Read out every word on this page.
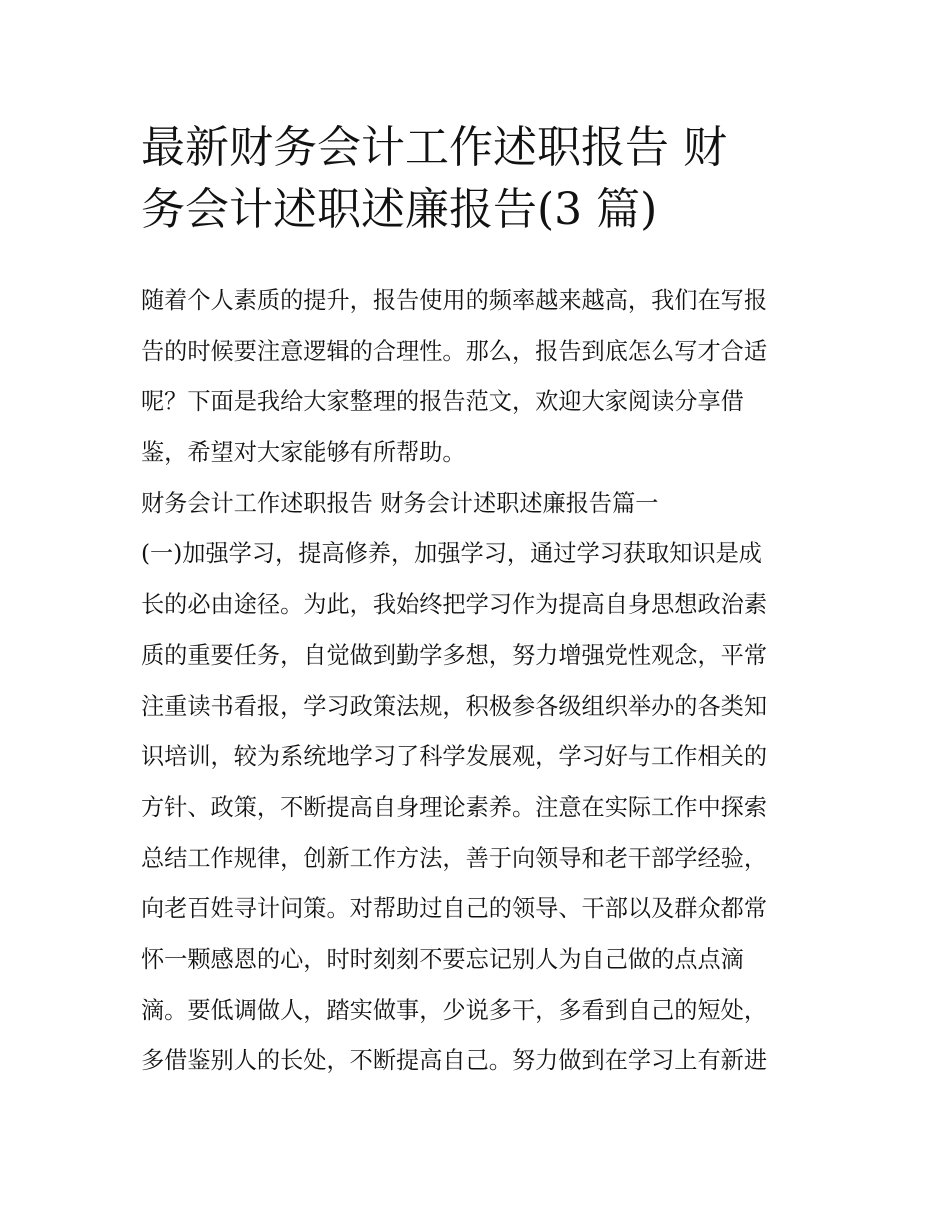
最新财务会计工作述职报告 财
务会计述职述廉报告(3 篇)
随着个人素质的提升，报告使用的频率越来越高，我们在写报
告的时候要注意逻辑的合理性。那么，报告到底怎么写才合适
呢？下面是我给大家整理的报告范文，欢迎大家阅读分享借
鉴，希望对大家能够有所帮助。
财务会计工作述职报告 财务会计述职述廉报告篇一
(一)加强学习，提高修养，加强学习，通过学习获取知识是成
长的必由途径。为此，我始终把学习作为提高自身思想政治素
质的重要任务，自觉做到勤学多想，努力增强党性观念，平常
注重读书看报，学习政策法规，积极参各级组织举办的各类知
识培训，较为系统地学习了科学发展观，学习好与工作相关的
方针、政策，不断提高自身理论素养。注意在实际工作中探索
总结工作规律，创新工作方法，善于向领导和老干部学经验，
向老百姓寻计问策。对帮助过自己的领导、干部以及群众都常
怀一颗感恩的心，时时刻刻不要忘记别人为自己做的点点滴
滴。要低调做人，踏实做事，少说多干，多看到自己的短处，
多借鉴别人的长处，不断提高自己。努力做到在学习上有新进
